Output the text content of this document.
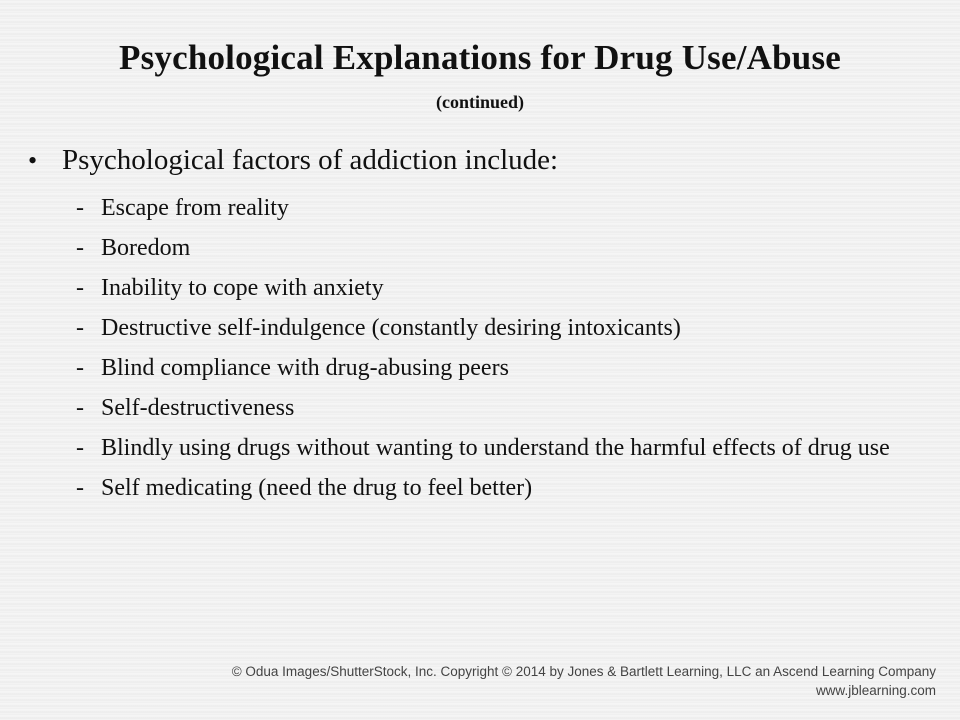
Psychological Explanations for Drug Use/Abuse
(continued)
• Psychological factors of addiction include:
- Escape from reality
- Boredom
- Inability to cope with anxiety
- Destructive self-indulgence (constantly desiring intoxicants)
- Blind compliance with drug-abusing peers
- Self-destructiveness
- Blindly using drugs without wanting to understand the harmful effects of drug use
- Self medicating (need the drug to feel better)
© Odua Images/ShutterStock, Inc. Copyright © 2014 by Jones & Bartlett Learning, LLC an Ascend Learning Company
www.jblearning.com
